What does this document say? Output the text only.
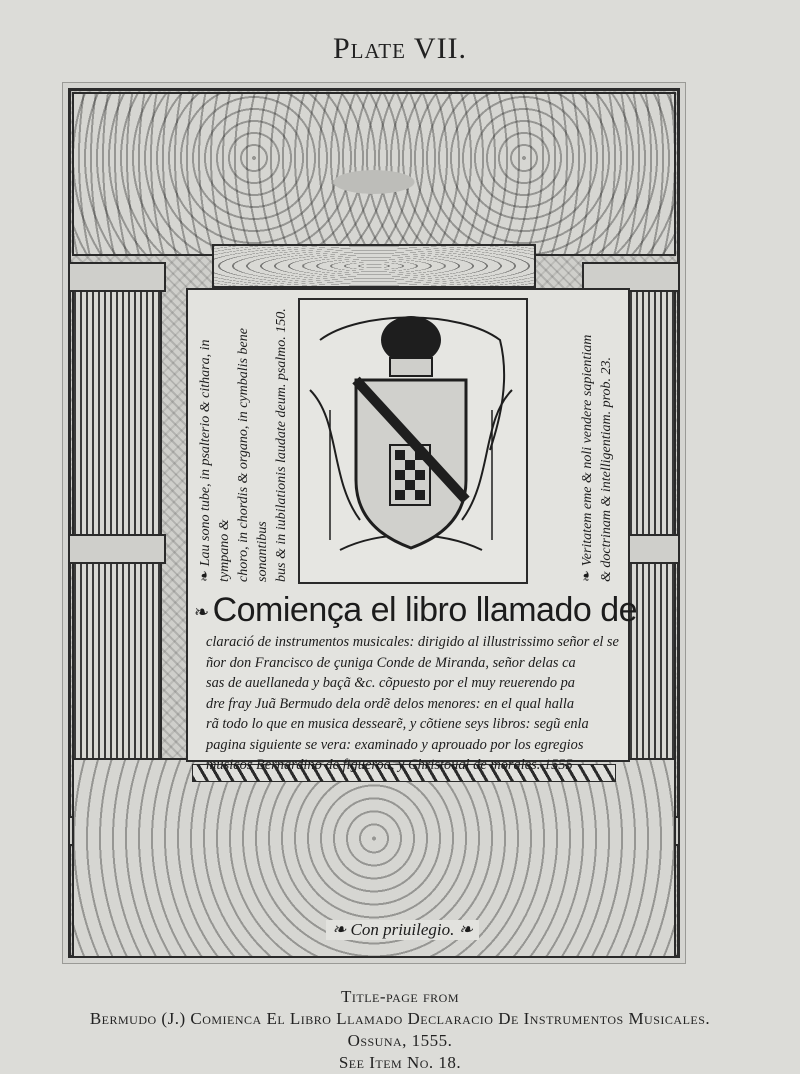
Plate VII.
❧Lau sono tube, in psalterio & cithara, in tympano & choro, in chordis & organo, in cymbalis bene sonantibus bus & in iubilationis laudate deum. psalmo. 150.	❧Veritatem eme & noli vendere sapientiam & doctrinam & intelligentiam. prob. 23.
❧ Comiença el libro llamado de

claració de instrumentos musicales: dirigido al illustrissimo señor el se

ñor don Francisco de çuniga Conde de Miranda, señor delas ca

sas de auellaneda y baçã &c. cõpuesto por el muy reuerendo pa

dre fray Juã Bermudo dela ordẽ delos menores: en el qual halla

rã todo lo que en musica dessearẽ, y cõtiene seys libros: segũ enla

pagina siguiente se vera: examinado y aprouado por los egregios

musicos Bernardino de figueroa, y Christoual de morales. 1555

❧ Con priuilegio. ❧
Title-page from
Bermudo (J.) Comienca El Libro Llamado Declaracio De Instrumentos Musicales.
Ossuna, 1555.
See Item No. 18.
